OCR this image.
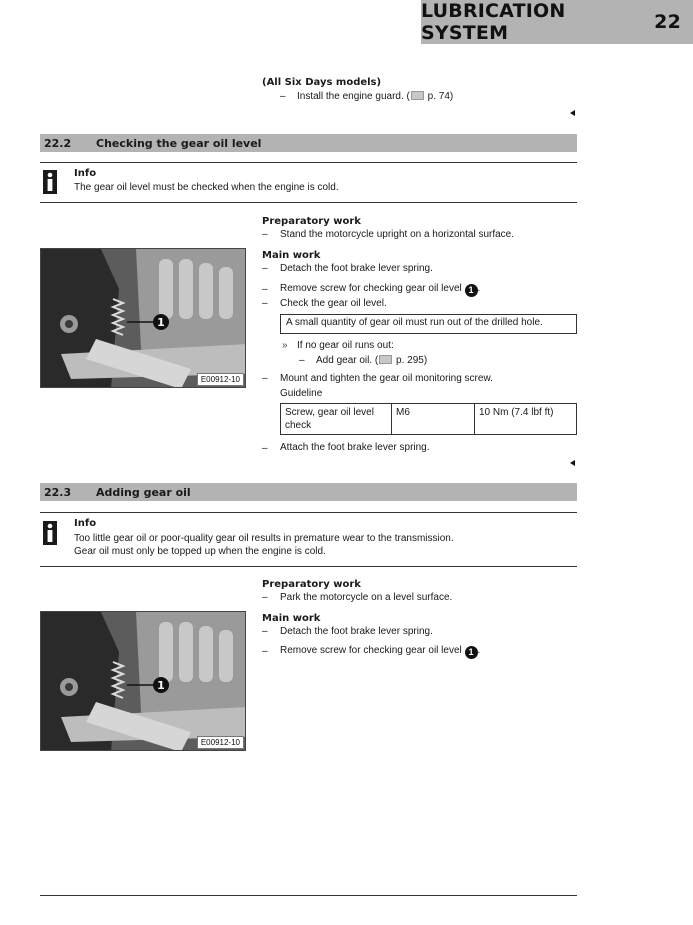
LUBRICATION SYSTEM	22
(All Six Days models)
– Install the engine guard. ( p. 74)
22.2	Checking the gear oil level
Info
The gear oil level must be checked when the engine is cold.
Preparatory work
– Stand the motorcycle upright on a horizontal surface.
Main work
– Detach the foot brake lever spring.
– Remove screw for checking gear oil level 1 .
– Check the gear oil level.
A small quantity of gear oil must run out of the drilled hole.
» If no gear oil runs out:
– Add gear oil. ( p. 295)
– Mount and tighten the gear oil monitoring screw.
Guideline
Screw, gear oil level check	M6	10 Nm (7.4 lbf ft)
– Attach the foot brake lever spring.
1
E00912-10
22.3	Adding gear oil
Info
Too little gear oil or poor-quality gear oil results in premature wear to the transmission.
Gear oil must only be topped up when the engine is cold.
Preparatory work
– Park the motorcycle on a level surface.
Main work
– Detach the foot brake lever spring.
– Remove screw for checking gear oil level 1 .
1
E00912-10
